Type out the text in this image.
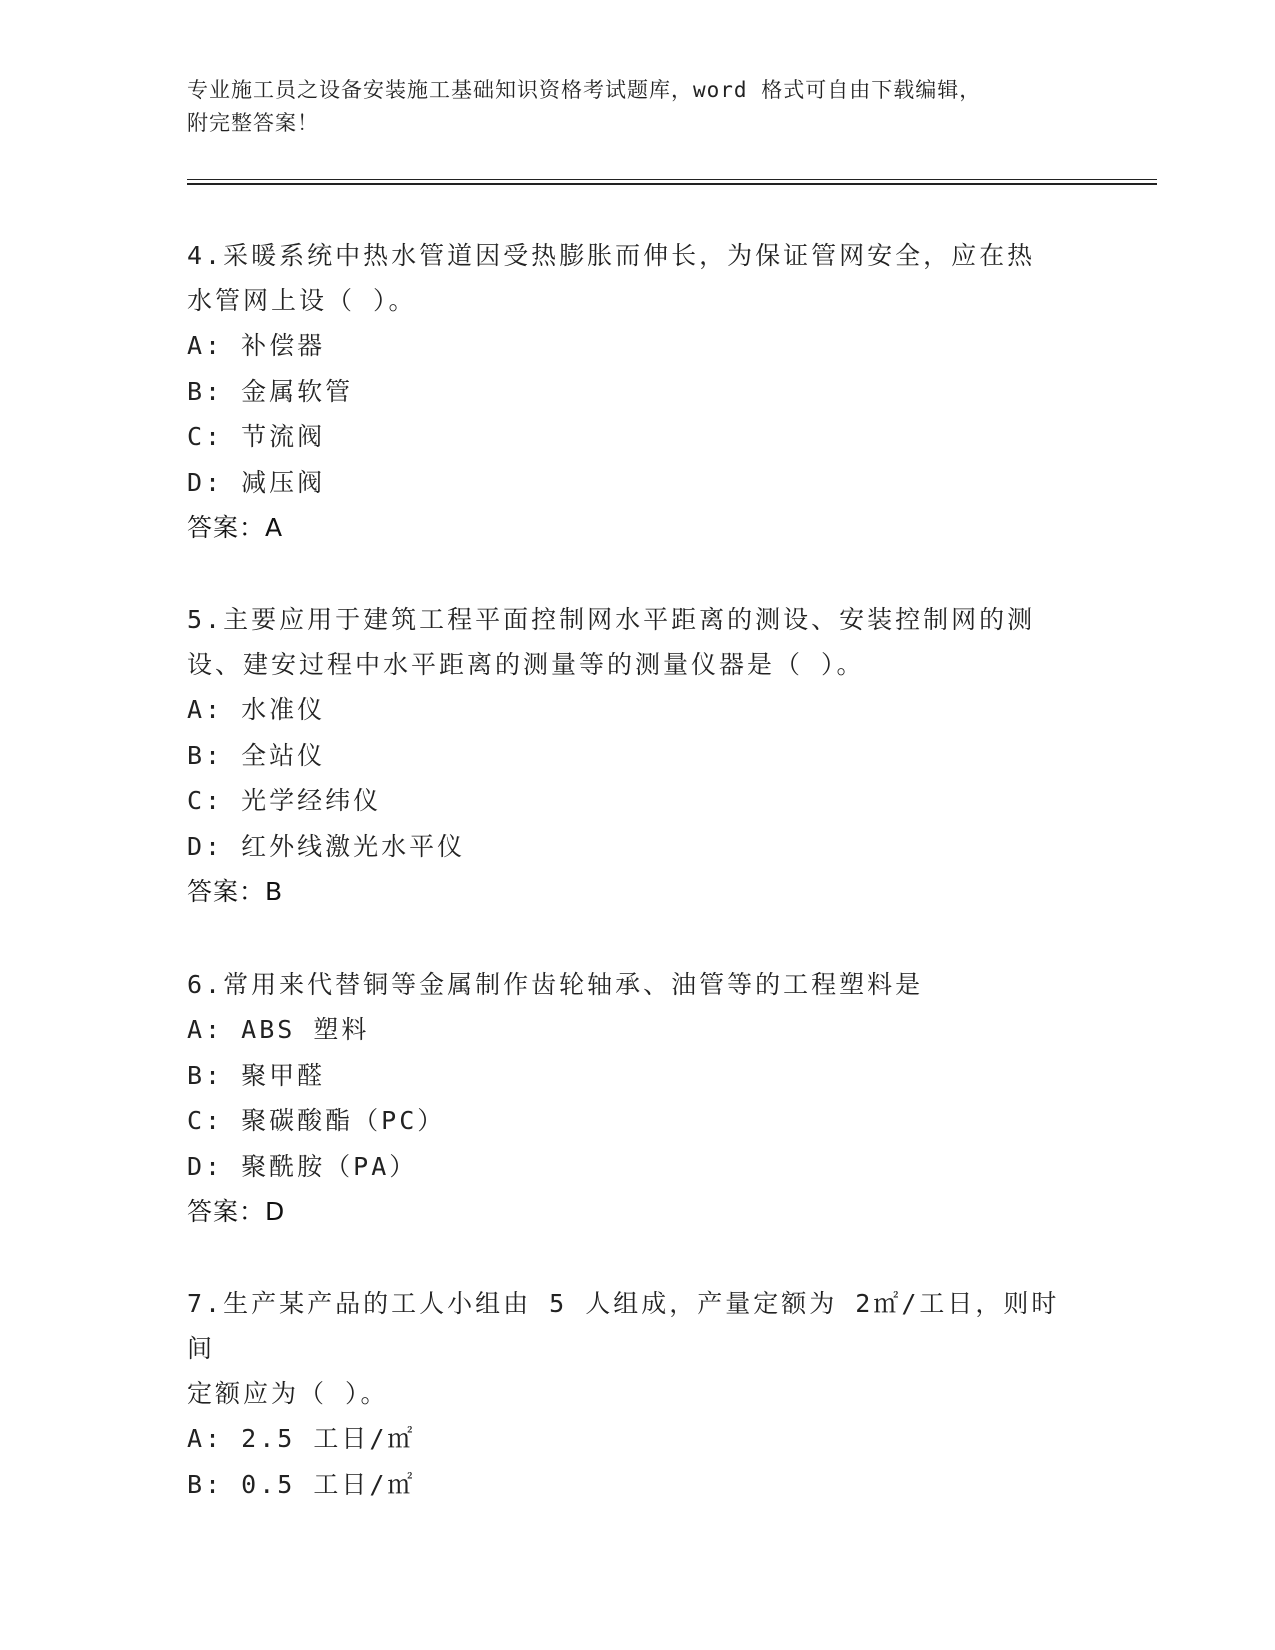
专业施工员之设备安装施工基础知识资格考试题库，word 格式可自由下载编辑，
附完整答案！
4.采暖系统中热水管道因受热膨胀而伸长，为保证管网安全，应在热
水管网上设（ ）。
A: 补偿器
B: 金属软管
C: 节流阀
D: 减压阀
答案：A
5.主要应用于建筑工程平面控制网水平距离的测设、安装控制网的测
设、建安过程中水平距离的测量等的测量仪器是（ ）。
A: 水准仪
B: 全站仪
C: 光学经纬仪
D: 红外线激光水平仪
答案：B
6.常用来代替铜等金属制作齿轮轴承、油管等的工程塑料是
A: ABS 塑料
B: 聚甲醛
C: 聚碳酸酯（PC）
D: 聚酰胺（PA）
答案：D
7.生产某产品的工人小组由 5 人组成，产量定额为 2㎡/工日，则时间
定额应为（ ）。
A: 2.5 工日/㎡
B: 0.5 工日/㎡
